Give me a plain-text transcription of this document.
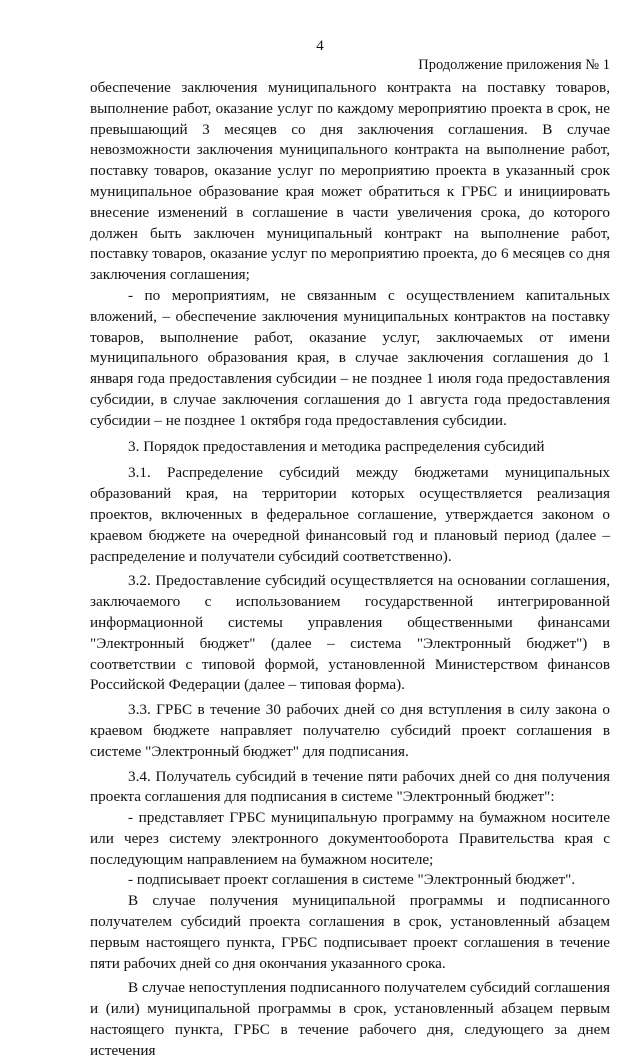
4
Продолжение приложения № 1

обеспечение заключения муниципального контракта на поставку товаров, выполнение работ, оказание услуг по каждому мероприятию проекта в срок, не превышающий 3 месяцев со дня заключения соглашения. В случае невозможности заключения муниципального контракта на выполнение работ, поставку товаров, оказание услуг по мероприятию проекта в указанный срок муниципальное образование края может обратиться к ГРБС и инициировать внесение изменений в соглашение в части увеличения срока, до которого должен быть заключен муниципальный контракт на выполнение работ, поставку товаров, оказание услуг по мероприятию проекта, до 6 месяцев со дня заключения соглашения;

- по мероприятиям, не связанным с осуществлением капитальных вложений, – обеспечение заключения муниципальных контрактов на поставку товаров, выполнение работ, оказание услуг, заключаемых от имени муниципального образования края, в случае заключения соглашения до 1 января года предоставления субсидии – не позднее 1 июля года предоставления субсидии, в случае заключения соглашения до 1 августа года предоставления субсидии – не позднее 1 октября года предоставления субсидии.

3. Порядок предоставления и методика распределения субсидий

3.1. Распределение субсидий между бюджетами муниципальных образований края, на территории которых осуществляется реализация проектов, включенных в федеральное соглашение, утверждается законом о краевом бюджете на очередной финансовый год и плановый период (далее – распределение и получатели субсидий соответственно).

3.2. Предоставление субсидий осуществляется на основании соглашения, заключаемого с использованием государственной интегрированной информационной системы управления общественными финансами "Электронный бюджет" (далее – система "Электронный бюджет") в соответствии с типовой формой, установленной Министерством финансов Российской Федерации (далее – типовая форма).

3.3. ГРБС в течение 30 рабочих дней со дня вступления в силу закона о краевом бюджете направляет получателю субсидий проект соглашения в системе "Электронный бюджет" для подписания.

3.4. Получатель субсидий в течение пяти рабочих дней со дня получения проекта соглашения для подписания в системе "Электронный бюджет":

- представляет ГРБС муниципальную программу на бумажном носителе или через систему электронного документооборота Правительства края с последующим направлением на бумажном носителе;

- подписывает проект соглашения в системе "Электронный бюджет".

В случае получения муниципальной программы и подписанного получателем субсидий проекта соглашения в срок, установленный абзацем первым настоящего пункта, ГРБС подписывает проект соглашения в течение пяти рабочих дней со дня окончания указанного срока.

В случае непоступления подписанного получателем субсидий соглашения и (или) муниципальной программы в срок, установленный абзацем первым настоящего пункта, ГРБС в течение рабочего дня, следующего за днем истечения
